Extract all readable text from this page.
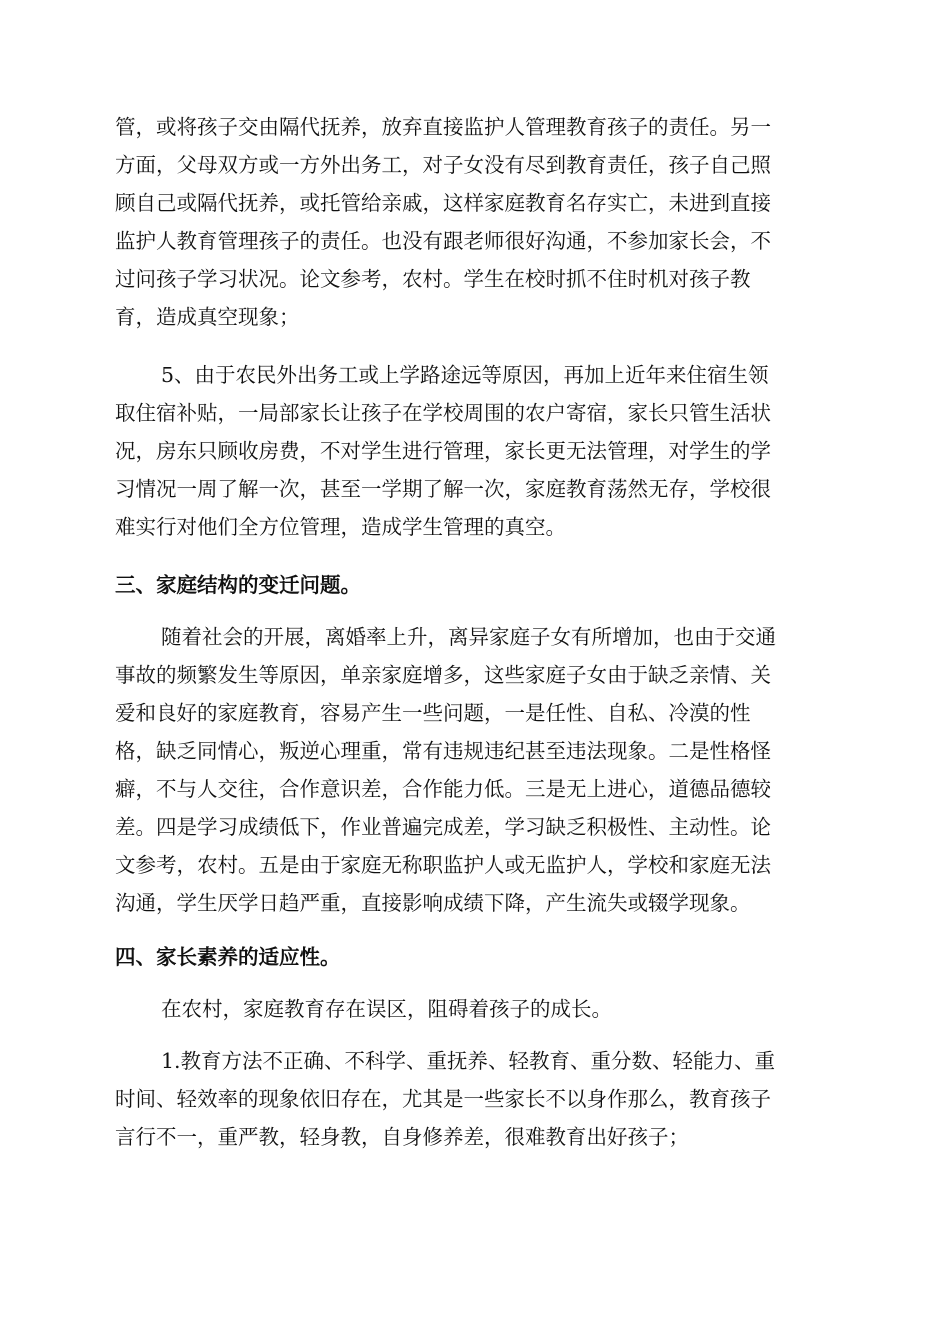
管，或将孩子交由隔代抚养，放弃直接监护人管理教育孩子的责任。另一
方面，父母双方或一方外出务工，对子女没有尽到教育责任，孩子自己照
顾自己或隔代抚养，或托管给亲戚，这样家庭教育名存实亡，未进到直接
监护人教育管理孩子的责任。也没有跟老师很好沟通，不参加家长会，不
过问孩子学习状况。论文参考，农村。学生在校时抓不住时机对孩子教
育，造成真空现象；
5、由于农民外出务工或上学路途远等原因，再加上近年来住宿生领
取住宿补贴，一局部家长让孩子在学校周围的农户寄宿，家长只管生活状
况，房东只顾收房费，不对学生进行管理，家长更无法管理，对学生的学
习情况一周了解一次，甚至一学期了解一次，家庭教育荡然无存，学校很
难实行对他们全方位管理，造成学生管理的真空。
三、家庭结构的变迁问题。
随着社会的开展，离婚率上升，离异家庭子女有所增加，也由于交通
事故的频繁发生等原因，单亲家庭增多，这些家庭子女由于缺乏亲情、关
爱和良好的家庭教育，容易产生一些问题，一是任性、自私、冷漠的性
格，缺乏同情心，叛逆心理重，常有违规违纪甚至违法现象。二是性格怪
癖，不与人交往，合作意识差，合作能力低。三是无上进心，道德品德较
差。四是学习成绩低下，作业普遍完成差，学习缺乏积极性、主动性。论
文参考，农村。五是由于家庭无称职监护人或无监护人，学校和家庭无法
沟通，学生厌学日趋严重，直接影响成绩下降，产生流失或辍学现象。
四、家长素养的适应性。
在农村，家庭教育存在误区，阻碍着孩子的成长。
1.教育方法不正确、不科学、重抚养、轻教育、重分数、轻能力、重
时间、轻效率的现象依旧存在，尤其是一些家长不以身作那么，教育孩子
言行不一，重严教，轻身教，自身修养差，很难教育出好孩子；
